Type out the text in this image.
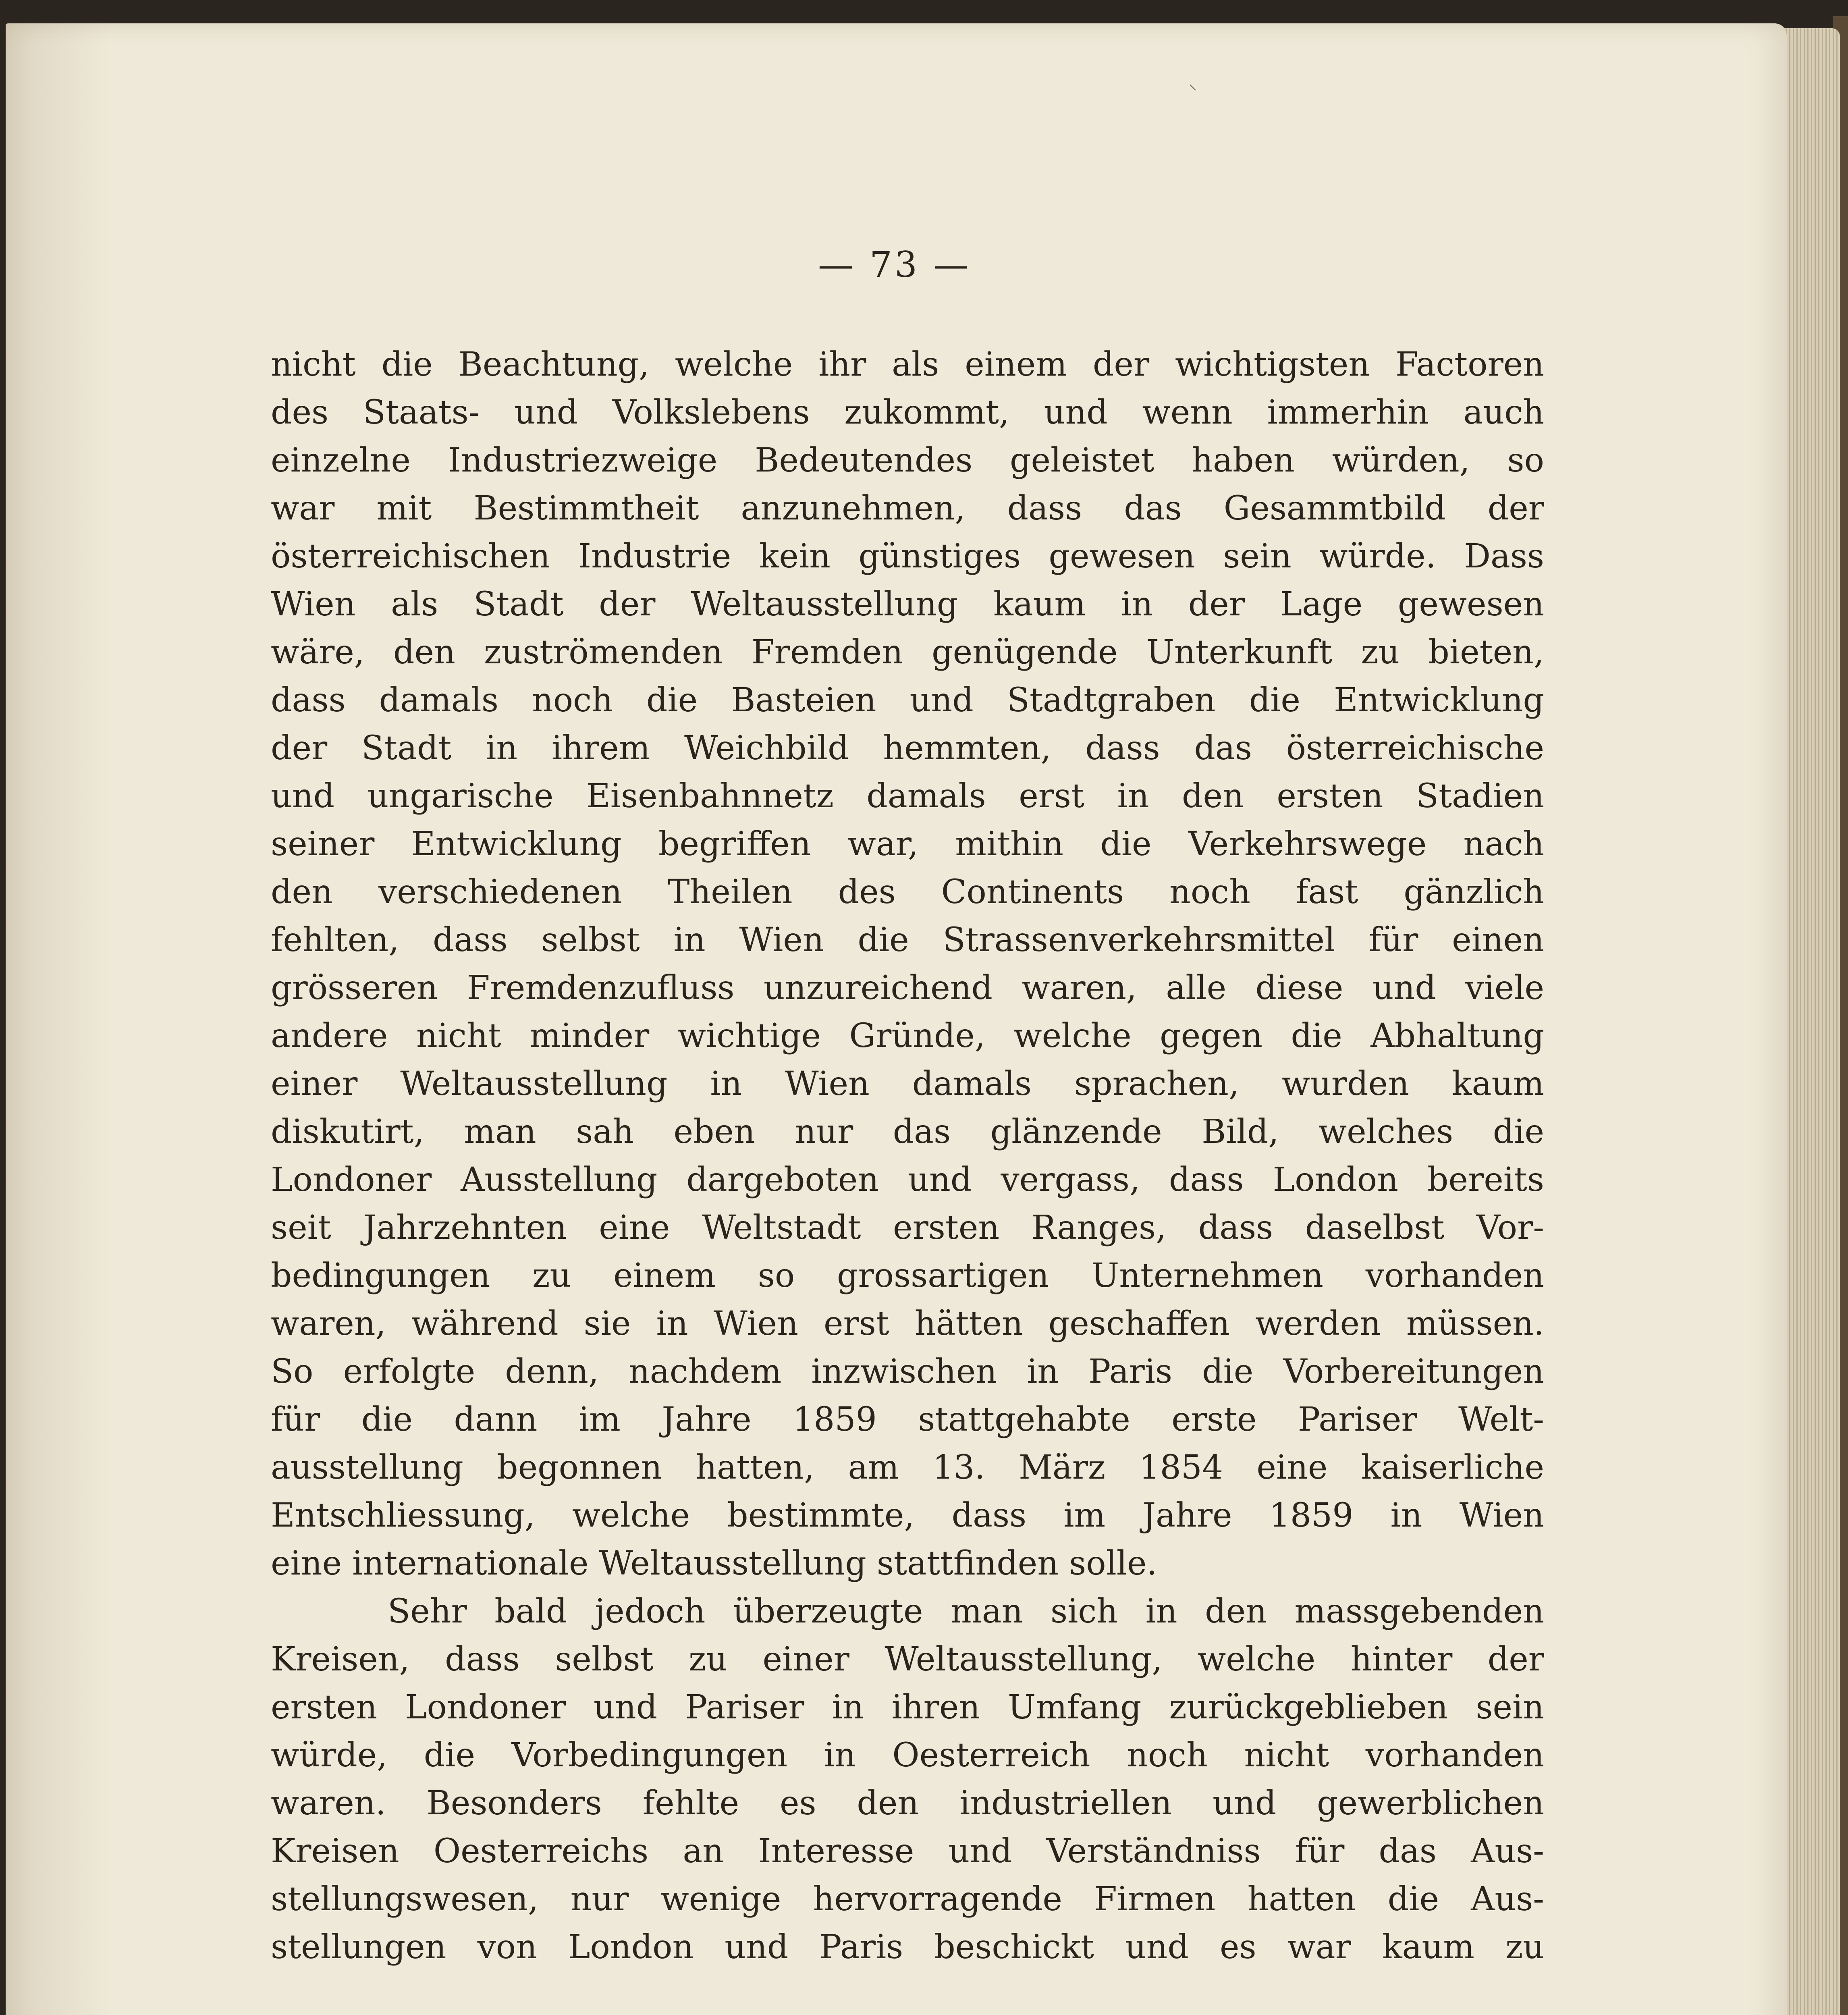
⸌
— 73 —
nicht die Beachtung, welche ihr als einem der wichtigsten Factoren
des Staats- und Volkslebens zukommt, und wenn immerhin auch
einzelne Industriezweige Bedeutendes geleistet haben würden, so
war mit Bestimmtheit anzunehmen, dass das Gesammtbild der
österreichischen Industrie kein günstiges gewesen sein würde. Dass
Wien als Stadt der Weltausstellung kaum in der Lage gewesen
wäre, den zuströmenden Fremden genügende Unterkunft zu bieten,
dass damals noch die Basteien und Stadtgraben die Entwicklung
der Stadt in ihrem Weichbild hemmten, dass das österreichische
und ungarische Eisenbahnnetz damals erst in den ersten Stadien
seiner Entwicklung begriffen war, mithin die Verkehrswege nach
den verschiedenen Theilen des Continents noch fast gänzlich
fehlten, dass selbst in Wien die Strassenverkehrsmittel für einen
grösseren Fremdenzufluss unzureichend waren, alle diese und viele
andere nicht minder wichtige Gründe, welche gegen die Abhaltung
einer Weltausstellung in Wien damals sprachen, wurden kaum
diskutirt, man sah eben nur das glänzende Bild, welches die
Londoner Ausstellung dargeboten und vergass, dass London bereits
seit Jahrzehnten eine Weltstadt ersten Ranges, dass daselbst Vor-
bedingungen zu einem so grossartigen Unternehmen vorhanden
waren, während sie in Wien erst hätten geschaffen werden müssen.
So erfolgte denn, nachdem inzwischen in Paris die Vorbereitungen
für die dann im Jahre 1859 stattgehabte erste Pariser Welt-
ausstellung begonnen hatten, am 13. März 1854 eine kaiserliche
Entschliessung, welche bestimmte, dass im Jahre 1859 in Wien
eine internationale Weltausstellung stattfinden solle.
Sehr bald jedoch überzeugte man sich in den massgebenden
Kreisen, dass selbst zu einer Weltausstellung, welche hinter der
ersten Londoner und Pariser in ihren Umfang zurückgeblieben sein
würde, die Vorbedingungen in Oesterreich noch nicht vorhanden
waren. Besonders fehlte es den industriellen und gewerblichen
Kreisen Oesterreichs an Interesse und Verständniss für das Aus-
stellungswesen, nur wenige hervorragende Firmen hatten die Aus-
stellungen von London und Paris beschickt und es war kaum zu
